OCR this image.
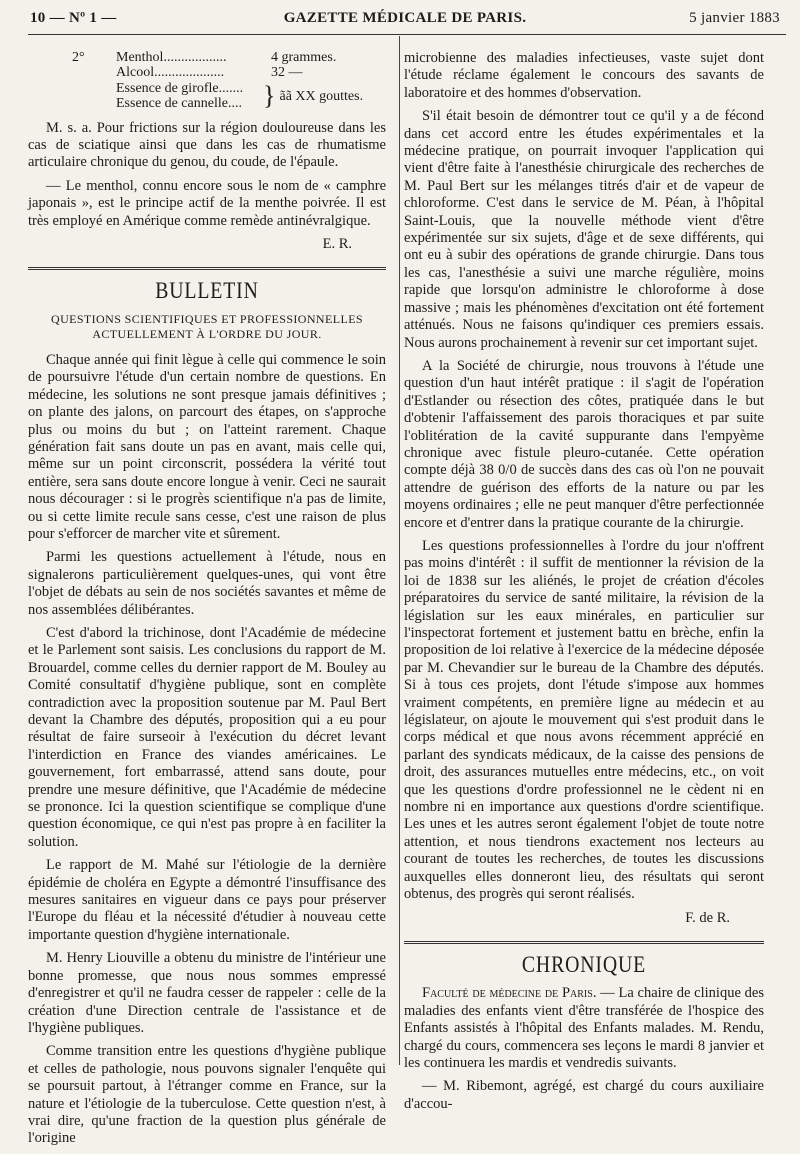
10 — Nº 1 —	GAZETTE MÉDICALE DE PARIS.	5 janvier 1883
2°	Menthol..................	4 grammes.
Alcool....................	32 —
Essence de girofle.......
Essence de cannelle.... } ãã XX gouttes.

M. s. a. Pour frictions sur la région douloureuse dans les cas de sciatique ainsi que dans les cas de rhumatisme articulaire chronique du genou, du coude, de l'épaule.

— Le menthol, connu encore sous le nom de « camphre japonais », est le principe actif de la menthe poivrée. Il est très employé en Amérique comme remède antinévralgique.

E. R.
BULLETIN
QUESTIONS SCIENTIFIQUES ET PROFESSIONNELLES ACTUELLEMENT À L'ORDRE DU JOUR.

Chaque année qui finit lègue à celle qui commence le soin de poursuivre l'étude d'un certain nombre de questions. En médecine, les solutions ne sont presque jamais définitives ; on plante des jalons, on parcourt des étapes, on s'approche plus ou moins du but ; on l'atteint rarement. Chaque génération fait sans doute un pas en avant, mais celle qui, même sur un point circonscrit, possédera la vérité tout entière, sera sans doute encore longue à venir. Ceci ne saurait nous décourager : si le progrès scientifique n'a pas de limite, ou si cette limite recule sans cesse, c'est une raison de plus pour s'efforcer de marcher vite et sûrement.

Parmi les questions actuellement à l'étude, nous en signalerons particulièrement quelques-unes, qui vont être l'objet de débats au sein de nos sociétés savantes et même de nos assemblées délibérantes.

C'est d'abord la trichinose, dont l'Académie de médecine et le Parlement sont saisis. Les conclusions du rapport de M. Brouardel, comme celles du dernier rapport de M. Bouley au Comité consultatif d'hygiène publique, sont en complète contradiction avec la proposition soutenue par M. Paul Bert devant la Chambre des députés, proposition qui a eu pour résultat de faire surseoir à l'exécution du décret levant l'interdiction en France des viandes américaines. Le gouvernement, fort embarrassé, attend sans doute, pour prendre une mesure définitive, que l'Académie de médecine se prononce. Ici la question scientifique se complique d'une question économique, ce qui n'est pas propre à en faciliter la solution.

Le rapport de M. Mahé sur l'étiologie de la dernière épidémie de choléra en Egypte a démontré l'insuffisance des mesures sanitaires en vigueur dans ce pays pour préserver l'Europe du fléau et la nécessité d'étudier à nouveau cette importante question d'hygiène internationale.

M. Henry Liouville a obtenu du ministre de l'intérieur une bonne promesse, que nous nous sommes empressé d'enregistrer et qu'il ne faudra cesser de rappeler : celle de la création d'une Direction centrale de l'assistance et de l'hygiène publiques.

Comme transition entre les questions d'hygiène publique et celles de pathologie, nous pouvons signaler l'enquête qui se poursuit partout, à l'étranger comme en France, sur la nature et l'étiologie de la tuberculose. Cette question n'est, à vrai dire, qu'une fraction de la question plus générale de l'origine

microbienne des maladies infectieuses, vaste sujet dont l'étude réclame également le concours des savants de laboratoire et des hommes d'observation.

S'il était besoin de démontrer tout ce qu'il y a de fécond dans cet accord entre les études expérimentales et la médecine pratique, on pourrait invoquer l'application qui vient d'être faite à l'anesthésie chirurgicale des recherches de M. Paul Bert sur les mélanges titrés d'air et de vapeur de chloroforme. C'est dans le service de M. Péan, à l'hôpital Saint-Louis, que la nouvelle méthode vient d'être expérimentée sur six sujets, d'âge et de sexe différents, qui ont eu à subir des opérations de grande chirurgie. Dans tous les cas, l'anesthésie a suivi une marche régulière, moins rapide que lorsqu'on administre le chloroforme à dose massive ; mais les phénomènes d'excitation ont été fortement atténués. Nous ne faisons qu'indiquer ces premiers essais. Nous aurons prochainement à revenir sur cet important sujet.

A la Société de chirurgie, nous trouvons à l'étude une question d'un haut intérêt pratique : il s'agit de l'opération d'Estlander ou résection des côtes, pratiquée dans le but d'obtenir l'affaissement des parois thoraciques et par suite l'oblitération de la cavité suppurante dans l'empyème chronique avec fistule pleuro-cutanée. Cette opération compte déjà 38 0/0 de succès dans des cas où l'on ne pouvait attendre de guérison des efforts de la nature ou par les moyens ordinaires ; elle ne peut manquer d'être perfectionnée encore et d'entrer dans la pratique courante de la chirurgie.

Les questions professionnelles à l'ordre du jour n'offrent pas moins d'intérêt : il suffit de mentionner la révision de la loi de 1838 sur les aliénés, le projet de création d'écoles préparatoires du service de santé militaire, la révision de la législation sur les eaux minérales, en particulier sur l'inspectorat fortement et justement battu en brèche, enfin la proposition de loi relative à l'exercice de la médecine déposée par M. Chevandier sur le bureau de la Chambre des députés. Si à tous ces projets, dont l'étude s'impose aux hommes vraiment compétents, en première ligne au médecin et au législateur, on ajoute le mouvement qui s'est produit dans le corps médical et que nous avons récemment apprécié en parlant des syndicats médicaux, de la caisse des pensions de droit, des assurances mutuelles entre médecins, etc., on voit que les questions d'ordre professionnel ne le cèdent ni en nombre ni en importance aux questions d'ordre scientifique. Les unes et les autres seront également l'objet de toute notre attention, et nous tiendrons exactement nos lecteurs au courant de toutes les recherches, de toutes les discussions auxquelles elles donneront lieu, des résultats qui seront obtenus, des progrès qui seront réalisés.

F. de R.
CHRONIQUE

Faculté de médecine de Paris. — La chaire de clinique des maladies des enfants vient d'être transférée de l'hospice des Enfants assistés à l'hôpital des Enfants malades. M. Rendu, chargé du cours, commencera ses leçons le mardi 8 janvier et les continuera les mardis et vendredis suivants.

— M. Ribemont, agrégé, est chargé du cours auxiliaire d'accou-
